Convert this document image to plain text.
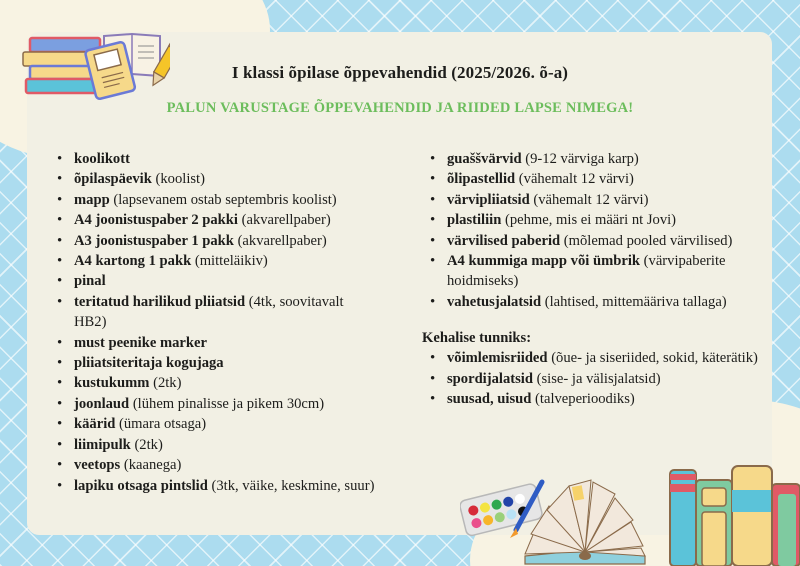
I klassi õpilase õppevahendid (2025/2026. õ-a)
PALUN VARUSTAGE ÕPPEVAHENDID JA RIIDED LAPSE NIMEGA!
• koolikott
• õpilaspäevik (koolist)
• mapp (lapsevanem ostab septembris koolist)
• A4 joonistuspaber 2 pakki (akvarellpaber)
• A3 joonistuspaber 1 pakk (akvarellpaber)
• A4 kartong 1 pakk (mitteläikiv)
• pinal
• teritatud harilikud pliiatsid (4tk, soovitavalt HB2)
• must peenike marker
• pliiatsiteritaja kogujaga
• kustukumm (2tk)
• joonlaud (lühem pinalisse ja pikem 30cm)
• käärid (ümara otsaga)
• liimipulk (2tk)
• veetops (kaanega)
• lapiku otsaga pintslid (3tk, väike, keskmine, suur)
• guaššvärvid (9-12 värviga karp)
• õlipastellid (vähemalt 12 värvi)
• värvipliiatsid (vähemalt 12 värvi)
• plastiliin (pehme, mis ei määri nt Jovi)
• värvilised paberid (mõlemad pooled värvilised)
• A4 kummiga mapp või ümbrik (värvipaberite hoidmiseks)
• vahetusjalatsid (lahtised, mittemääriva tallaga)
Kehalise tunniks:
• võimlemisriided (õue- ja siseriided, sokid, käterätik)
• spordijalatsid (sise- ja välisjalatsid)
• suusad, uisud (talveperioodiks)
